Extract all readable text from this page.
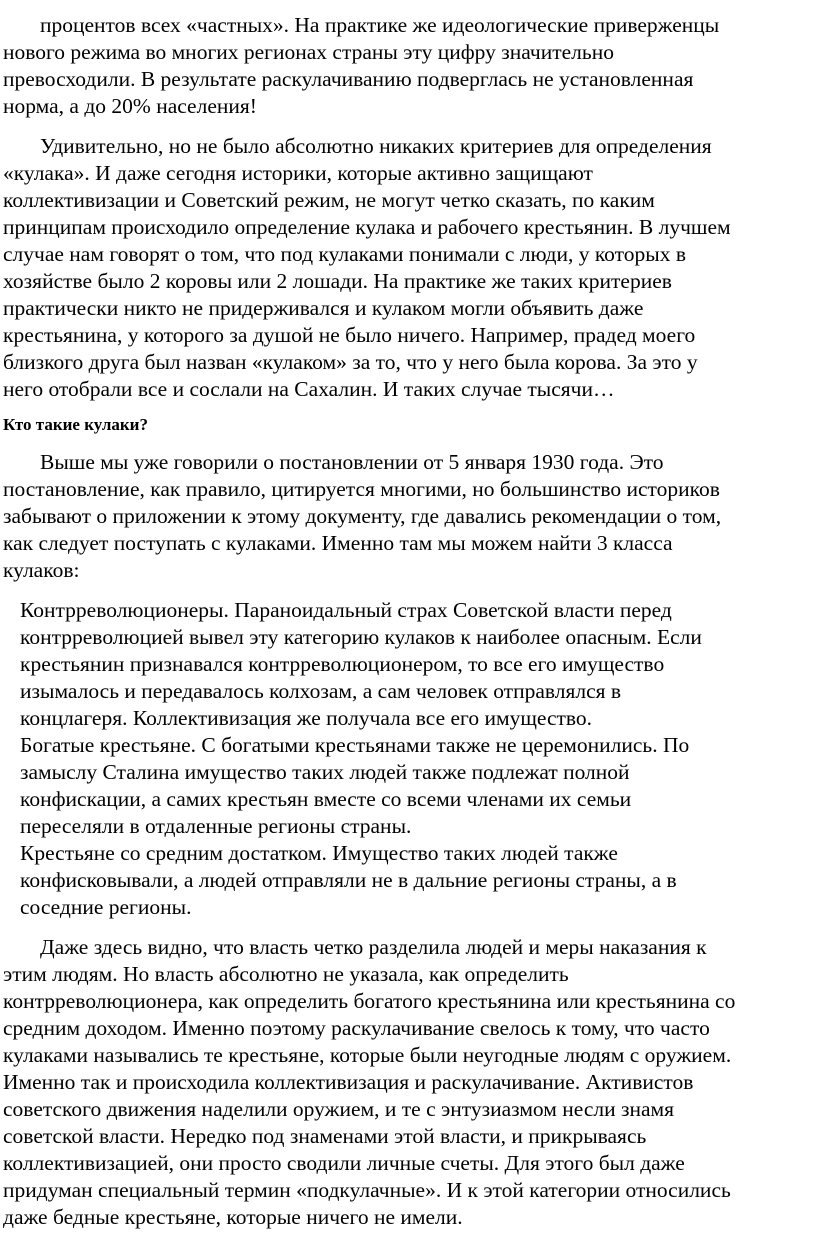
процентов всех «частных». На практике же идеологические приверженцы
нового режима во многих регионах страны эту цифру значительно
превосходили. В результате раскулачиванию подверглась не установленная
норма, а до 20% населения!
Удивительно, но не было абсолютно никаких критериев для определения
«кулака». И даже сегодня историки, которые активно защищают
коллективизации и Советский режим, не могут четко сказать, по каким
принципам происходило определение кулака и рабочего крестьянин. В лучшем
случае нам говорят о том, что под кулаками понимали с люди, у которых в
хозяйстве было 2 коровы или 2 лошади. На практике же таких критериев
практически никто не придерживался и кулаком могли объявить даже
крестьянина, у которого за душой не было ничего. Например, прадед моего
близкого друга был назван «кулаком» за то, что у него была корова. За это у
него отобрали все и сослали на Сахалин. И таких случае тысячи…
Кто такие кулаки?
Выше мы уже говорили о постановлении от 5 января 1930 года. Это
постановление, как правило, цитируется многими, но большинство историков
забывают о приложении к этому документу, где давались рекомендации о том,
как следует поступать с кулаками. Именно там мы можем найти 3 класса
кулаков:
Контрреволюционеры. Параноидальный страх Советской власти перед
контрреволюцией вывел эту категорию кулаков к наиболее опасным. Если
крестьянин признавался контрреволюционером, то все его имущество
изымалось и передавалось колхозам, а сам человек отправлялся в
концлагеря. Коллективизация же получала все его имущество.
Богатые крестьяне. С богатыми крестьянами также не церемонились. По
замыслу Сталина имущество таких людей также подлежат полной
конфискации, а самих крестьян вместе со всеми членами их семьи
переселяли в отдаленные регионы страны.
Крестьяне со средним достатком. Имущество таких людей также
конфисковывали, а людей отправляли не в дальние регионы страны, а в
соседние регионы.
Даже здесь видно, что власть четко разделила людей и меры наказания к
этим людям. Но власть абсолютно не указала, как определить
контрреволюционера, как определить богатого крестьянина или крестьянина со
средним доходом. Именно поэтому раскулачивание свелось к тому, что часто
кулаками назывались те крестьяне, которые были неугодные людям с оружием.
Именно так и происходила коллективизация и раскулачивание. Активистов
советского движения наделили оружием, и те с энтузиазмом несли знамя
советской власти. Нередко под знаменами этой власти, и прикрываясь
коллективизацией, они просто сводили личные счеты. Для этого был даже
придуман специальный термин «подкулачные». И к этой категории относились
даже бедные крестьяне, которые ничего не имели.
